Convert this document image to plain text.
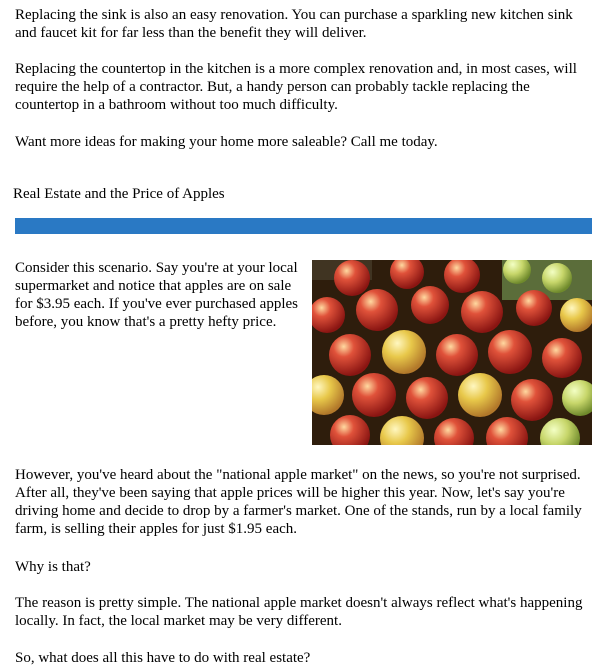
Replacing the sink is also an easy renovation. You can purchase a sparkling new kitchen sink and faucet kit for far less than the benefit they will deliver.

Replacing the countertop in the kitchen is a more complex renovation and, in most cases, will require the help of a contractor. But, a handy person can probably tackle replacing the countertop in a bathroom without too much difficulty.

Want more ideas for making your home more saleable? Call me today.

Real Estate and the Price of Apples

Consider this scenario. Say you're at your local supermarket and notice that apples are on sale for $3.95 each. If you've ever purchased apples before, you know that's a pretty hefty price.

However, you've heard about the "national apple market" on the news, so you're not surprised. After all, they've been saying that apple prices will be higher this year. Now, let's say you're driving home and decide to drop by a farmer's market. One of the stands, run by a local family farm, is selling their apples for just $1.95 each.

Why is that?

The reason is pretty simple. The national apple market doesn't always reflect what's happening locally. In fact, the local market may be very different.

So, what does all this have to do with real estate?
